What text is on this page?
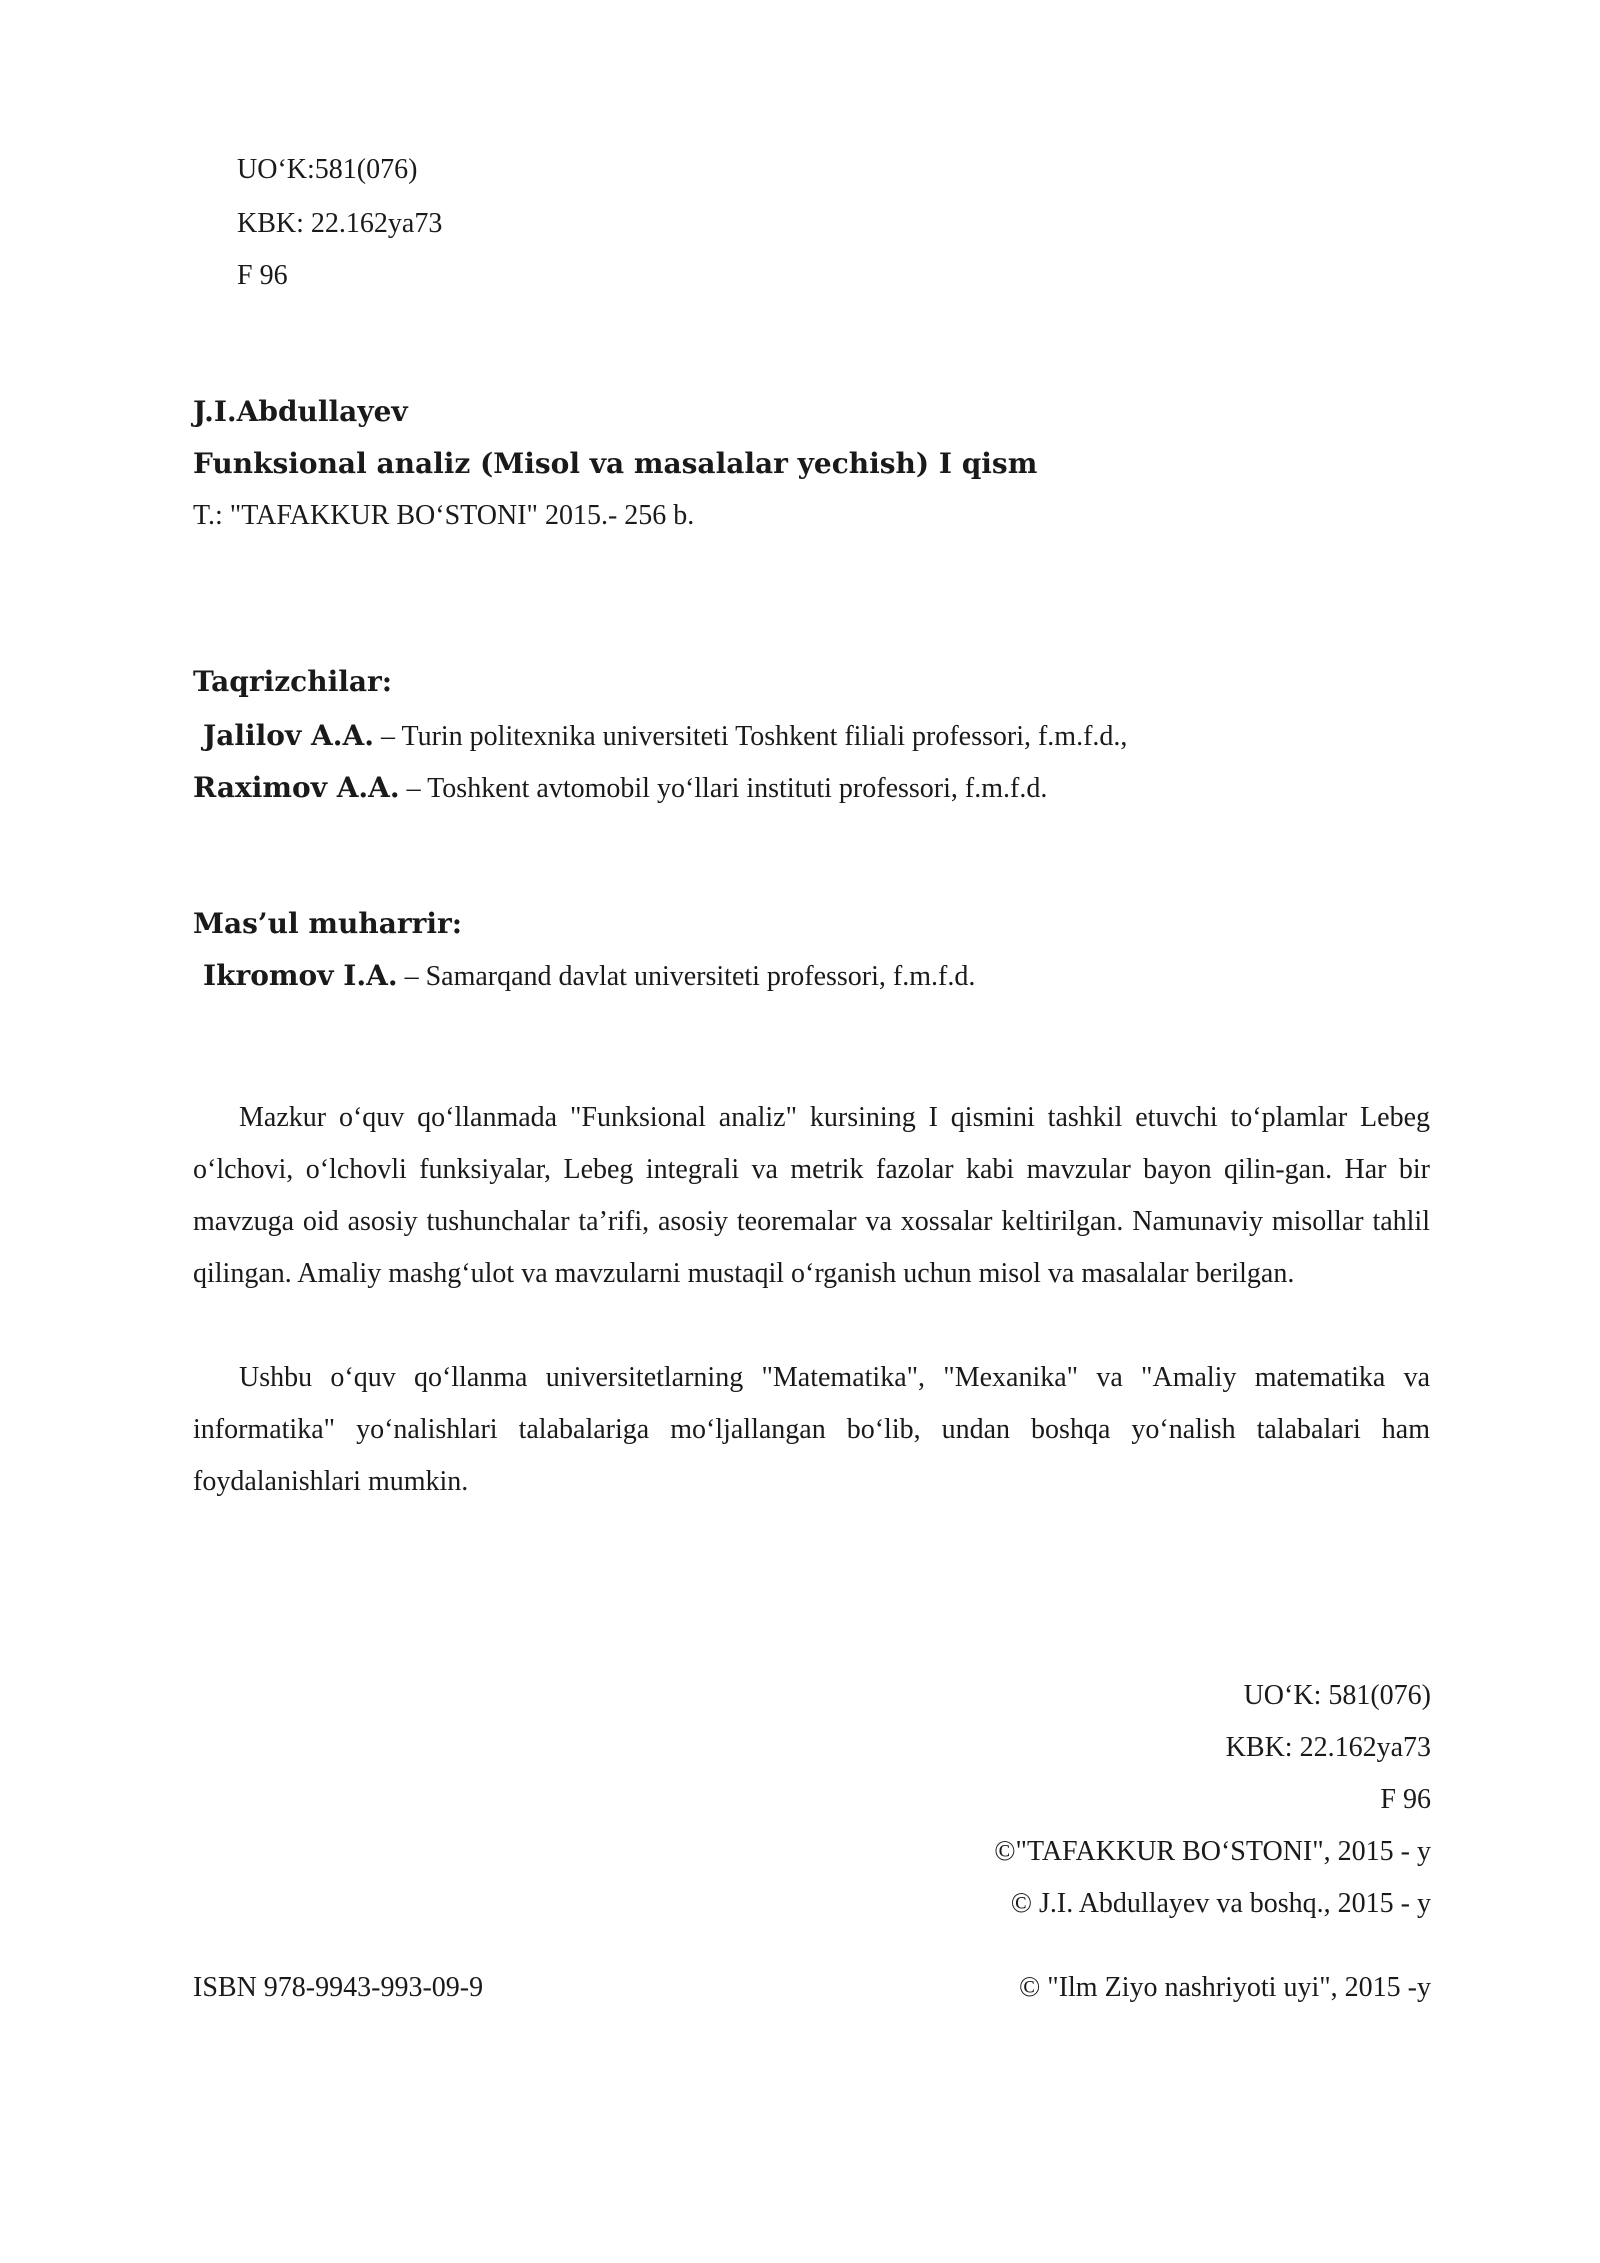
UO‘K:581(076)
KBK: 22.162ya73
F 96
J.I.Abdullayev
Funksional analiz (Misol va masalalar yechish) I qism
T.: "TAFAKKUR BO‘STONI" 2015.- 256 b.
Taqrizchilar:
Jalilov A.A. – Turin politexnika universiteti Toshkent filiali professori, f.m.f.d.,
Raximov A.A. – Toshkent avtomobil yo‘llari instituti professori, f.m.f.d.
Mas’ul muharrir:
Ikromov I.A. – Samarqand davlat universiteti professori, f.m.f.d.
Mazkur o‘quv qo‘llanmada "Funksional analiz" kursining I qismini tashkil etuvchi to‘plamlar Lebeg o‘lchovi, o‘lchovli funksiyalar, Lebeg integrali va metrik fazolar kabi mavzular bayon qilin-gan. Har bir mavzuga oid asosiy tushunchalar ta’rifi, asosiy teoremalar va xossalar keltirilgan. Namunaviy misollar tahlil qilingan. Amaliy mashg‘ulot va mavzularni mustaqil o‘rganish uchun misol va masalalar berilgan.
Ushbu o‘quv qo‘llanma universitetlarning "Matematika", "Mexanika" va "Amaliy matematika va informatika" yo‘nalishlari talabalariga mo‘ljallangan bo‘lib, undan boshqa yo‘nalish talabalari ham foydalanishlari mumkin.
UO‘K: 581(076)
KBK: 22.162ya73
F 96
©"TAFAKKUR BO‘STONI", 2015 - y
© J.I. Abdullayev va boshq., 2015 - y
ISBN 978-9943-993-09-9	© "Ilm Ziyo nashriyoti uyi", 2015 -y
